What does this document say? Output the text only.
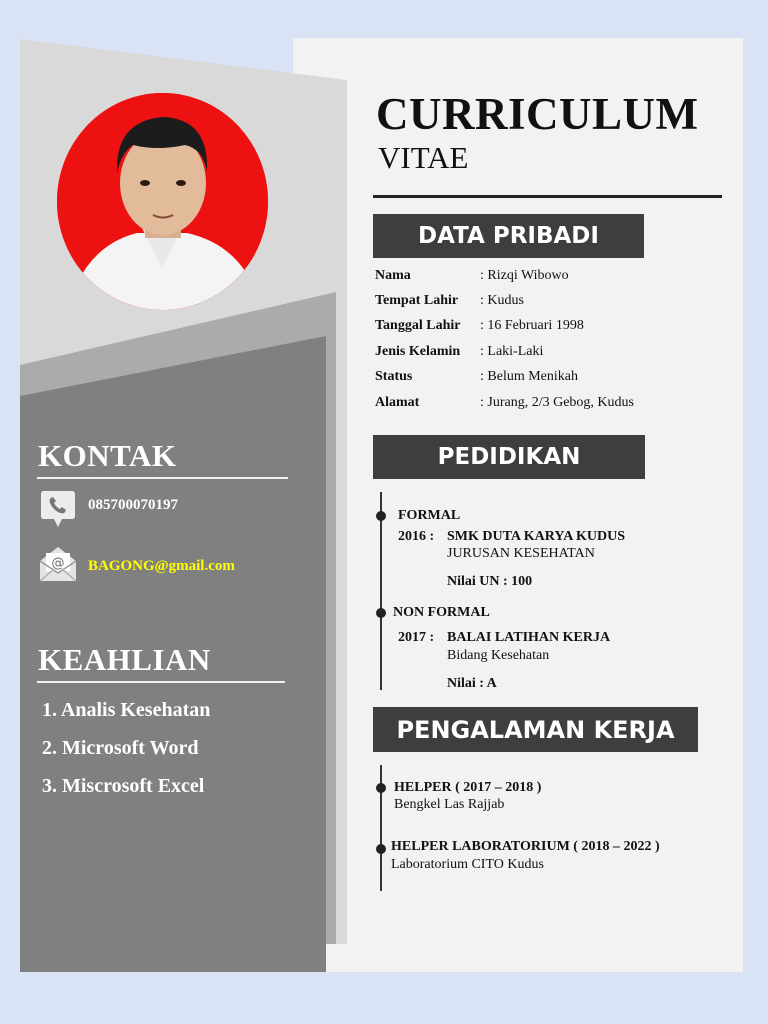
KONTAK
085700070197
@ BAGONG@gmail.com
KEAHLIAN
1. Analis Kesehatan
2. Microsoft Word
3. Miscrosoft Excel
CURRICULUM
VITAE
DATA PRIBADI
Nama	: Rizqi Wibowo
Tempat Lahir : Kudus
Tanggal Lahir : 16 Februari 1998
Jenis Kelamin : Laki-Laki
Status	: Belum Menikah
Alamat	: Jurang, 2/3 Gebog, Kudus
PEDIDIKAN
FORMAL
2016 : SMK DUTA KARYA KUDUS
JURUSAN KESEHATAN
Nilai UN : 100
NON FORMAL
2017 : BALAI LATIHAN KERJA
Bidang Kesehatan
Nilai : A
PENGALAMAN KERJA
HELPER ( 2017 – 2018 )
Bengkel Las Rajjab
HELPER LABORATORIUM ( 2018 – 2022 )
Laboratorium CITO Kudus
